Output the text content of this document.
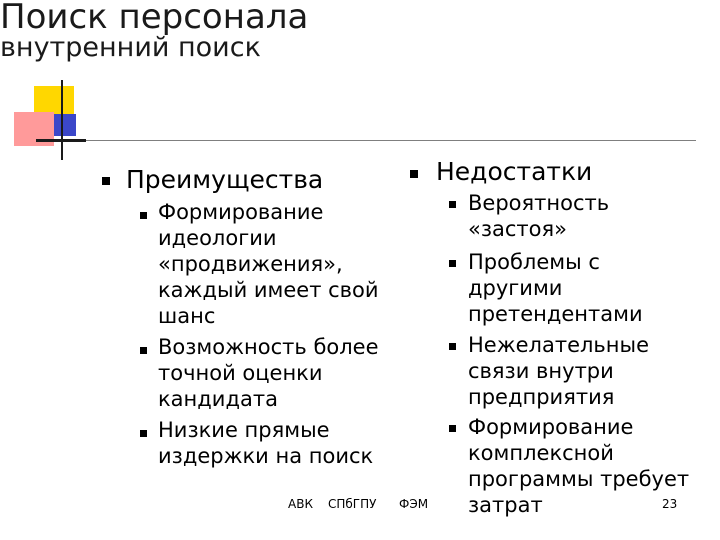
Поиск персонала
внутренний поиск
Преимущества
Формирование идеологии «продвижения», каждый имеет свой шанс
Возможность более точной оценки кандидата
Низкие прямые издержки на поиск
Недостатки
Вероятность «застоя»
Проблемы с другими претендентами
Нежелательные связи внутри предприятия
Формирование комплексной программы требует затрат
АВК СПбГПУ ФЭМ	23
